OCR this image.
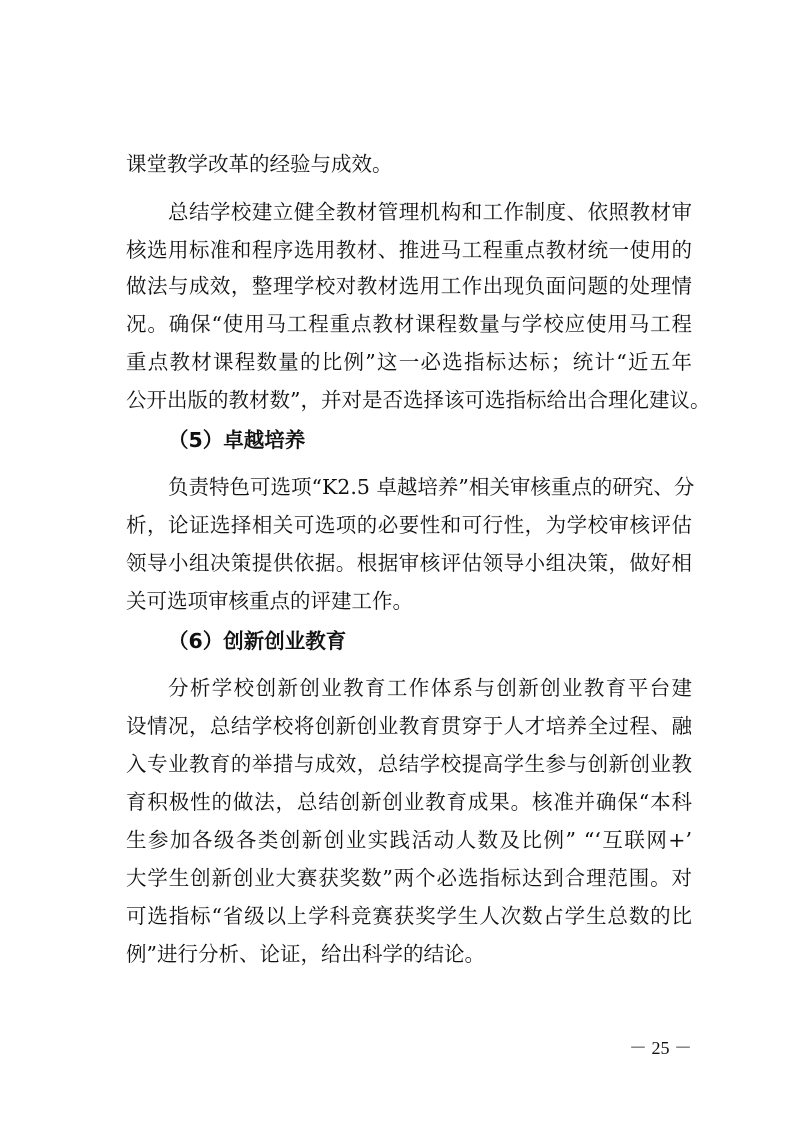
课堂教学改革的经验与成效。
总结学校建立健全教材管理机构和工作制度、依照教材审
核选用标准和程序选用教材、推进马工程重点教材统一使用的
做法与成效，整理学校对教材选用工作出现负面问题的处理情
况。确保“使用马工程重点教材课程数量与学校应使用马工程
重点教材课程数量的比例”这一必选指标达标；统计“近五年
公开出版的教材数”，并对是否选择该可选指标给出合理化建议。
（5）卓越培养
负责特色可选项“K2.5 卓越培养”相关审核重点的研究、分
析，论证选择相关可选项的必要性和可行性，为学校审核评估
领导小组决策提供依据。根据审核评估领导小组决策，做好相
关可选项审核重点的评建工作。
（6）创新创业教育
分析学校创新创业教育工作体系与创新创业教育平台建
设情况，总结学校将创新创业教育贯穿于人才培养全过程、融
入专业教育的举措与成效，总结学校提高学生参与创新创业教
育积极性的做法，总结创新创业教育成果。核准并确保“本科
生参加各级各类创新创业实践活动人数及比例” “‘互联网+’
大学生创新创业大赛获奖数”两个必选指标达到合理范围。对
可选指标“省级以上学科竞赛获奖学生人次数占学生总数的比
例”进行分析、论证，给出科学的结论。
－ 25 －
